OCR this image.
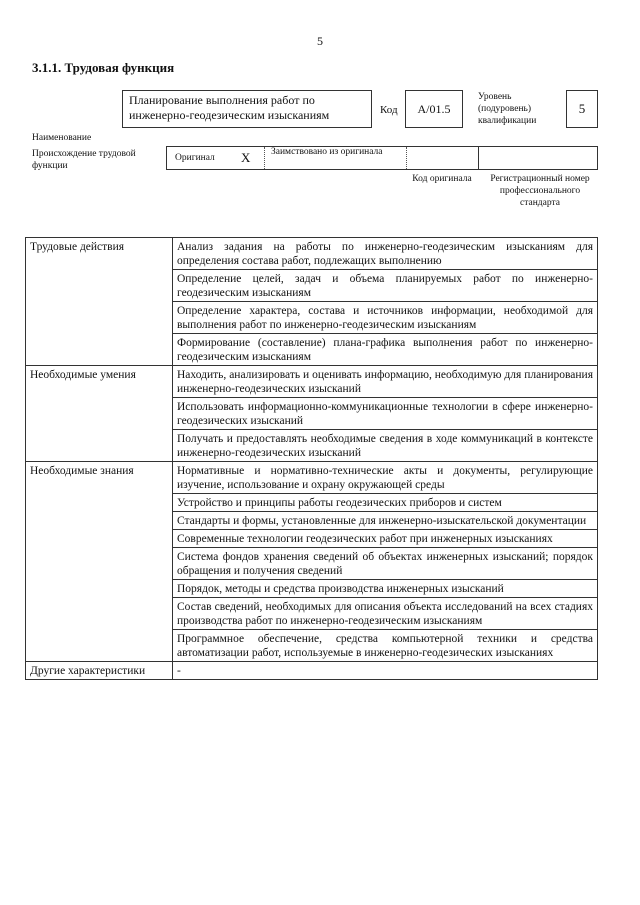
5
3.1.1. Трудовая функция
Наименование
Планирование выполнения работ по инженерно-геодезическим изысканиям	Код	A/01.5
Уровень (подуровень) квалификации
5
Происхождение трудовой функции
Оригинал X Заимствовано из оригинала
Код оригинала	Регистрационный номер профессионального стандарта
Трудовые действия	Анализ задания на работы по инженерно-геодезическим изысканиям для определения состава работ, подлежащих выполнению
	Определение целей, задач и объема планируемых работ по инженерно-геодезическим изысканиям
	Определение характера, состава и источников информации, необходимой для выполнения работ по инженерно-геодезическим изысканиям
	Формирование (составление) плана-графика выполнения работ по инженерно-геодезическим изысканиям
Необходимые умения	Находить, анализировать и оценивать информацию, необходимую для планирования инженерно-геодезических изысканий
	Использовать информационно-коммуникационные технологии в сфере инженерно-геодезических изысканий
	Получать и предоставлять необходимые сведения в ходе коммуникаций в контексте инженерно-геодезических изысканий
Необходимые знания	Нормативные и нормативно-технические акты и документы, регулирующие изучение, использование и охрану окружающей среды
	Устройство и принципы работы геодезических приборов и систем
	Стандарты и формы, установленные для инженерно-изыскательской документации
	Современные технологии геодезических работ при инженерных изысканиях
	Система фондов хранения сведений об объектах инженерных изысканий; порядок обращения и получения сведений
	Порядок, методы и средства производства инженерных изысканий
	Состав сведений, необходимых для описания объекта исследований на всех стадиях производства работ по инженерно-геодезическим изысканиям
	Программное обеспечение, средства компьютерной техники и средства автоматизации работ, используемые в инженерно-геодезических изысканиях
Другие характеристики	-
